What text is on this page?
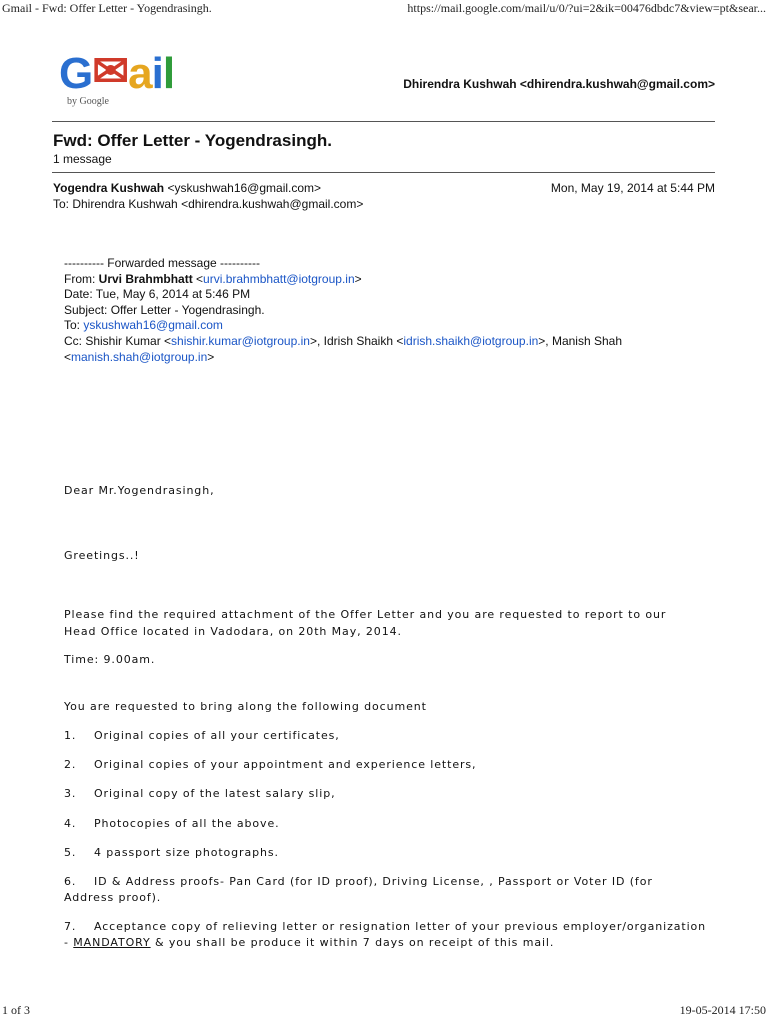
Gmail - Fwd: Offer Letter - Yogendrasingh.	https://mail.google.com/mail/u/0/?ui=2&ik=00476dbdc7&view=pt&sear...
G✉ail
by Google
Dhirendra Kushwah <dhirendra.kushwah@gmail.com>
Fwd: Offer Letter - Yogendrasingh.
1 message
Yogendra Kushwah <yskushwah16@gmail.com>	Mon, May 19, 2014 at 5:44 PM
To: Dhirendra Kushwah <dhirendra.kushwah@gmail.com>
---------- Forwarded message ----------
From: Urvi Brahmbhatt <urvi.brahmbhatt@iotgroup.in>
Date: Tue, May 6, 2014 at 5:46 PM
Subject: Offer Letter - Yogendrasingh.
To: yskushwah16@gmail.com
Cc: Shishir Kumar <shishir.kumar@iotgroup.in>, Idrish Shaikh <idrish.shaikh@iotgroup.in>, Manish Shah
<manish.shah@iotgroup.in>
Dear Mr.Yogendrasingh,
Greetings..!
Please find the required attachment of the Offer Letter and you are requested to report to our
Head Office located in Vadodara, on 20th May, 2014.
Time: 9.00am.
You are requested to bring along the following document
1. Original copies of all your certificates,
2. Original copies of your appointment and experience letters,
3. Original copy of the latest salary slip,
4. Photocopies of all the above.
5. 4 passport size photographs.
6. ID & Address proofs- Pan Card (for ID proof), Driving License, , Passport or Voter ID (for
Address proof).
7. Acceptance copy of relieving letter or resignation letter of your previous employer/organization
- MANDATORY & you shall be produce it within 7 days on receipt of this mail.
1 of 3	19-05-2014 17:50
